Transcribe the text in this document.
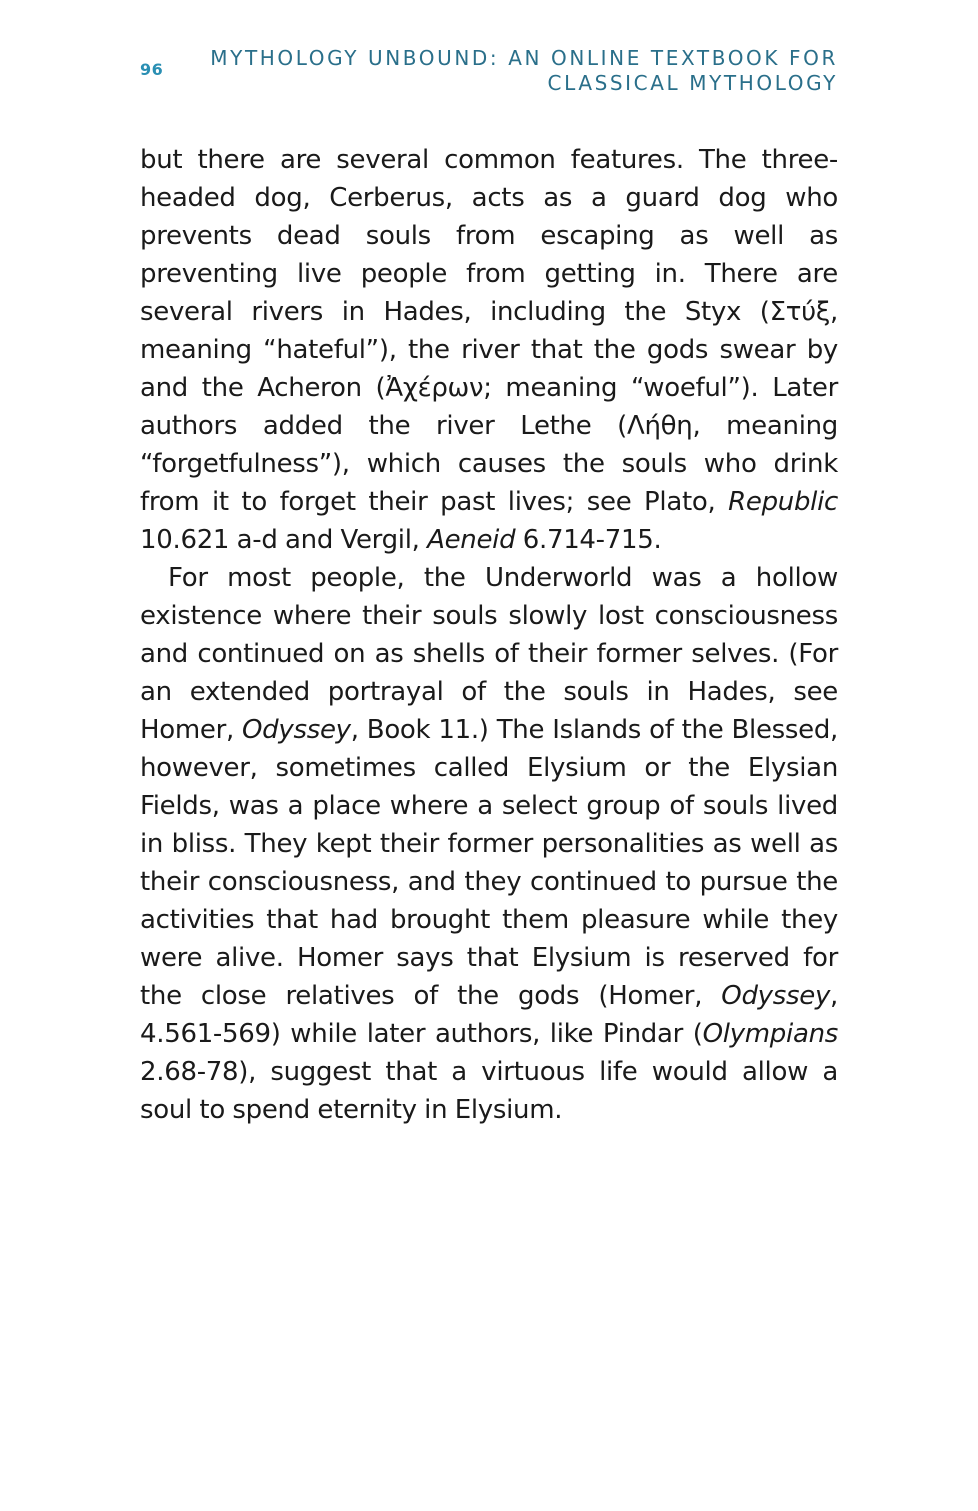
96	MYTHOLOGY UNBOUND: AN ONLINE TEXTBOOK FOR
CLASSICAL MYTHOLOGY

but there are several common features. The three-headed dog, Cerberus, acts as a guard dog who prevents dead souls from escaping as well as preventing live people from getting in. There are several rivers in Hades, including the Styx (Στύξ, meaning “hateful”), the river that the gods swear by and the Acheron (Ἀχέρων; meaning “woeful”). Later authors added the river Lethe (Λήθη, meaning “forgetfulness”), which causes the souls who drink from it to forget their past lives; see Plato, Republic 10.621 a-d and Vergil, Aeneid 6.714-715.

For most people, the Underworld was a hollow existence where their souls slowly lost consciousness and continued on as shells of their former selves. (For an extended portrayal of the souls in Hades, see Homer, Odyssey, Book 11.) The Islands of the Blessed, however, sometimes called Elysium or the Elysian Fields, was a place where a select group of souls lived in bliss. They kept their former personalities as well as their consciousness, and they continued to pursue the activities that had brought them pleasure while they were alive. Homer says that Elysium is reserved for the close relatives of the gods (Homer, Odyssey, 4.561-569) while later authors, like Pindar (Olympians 2.68-78), suggest that a virtuous life would allow a soul to spend eternity in Elysium.
